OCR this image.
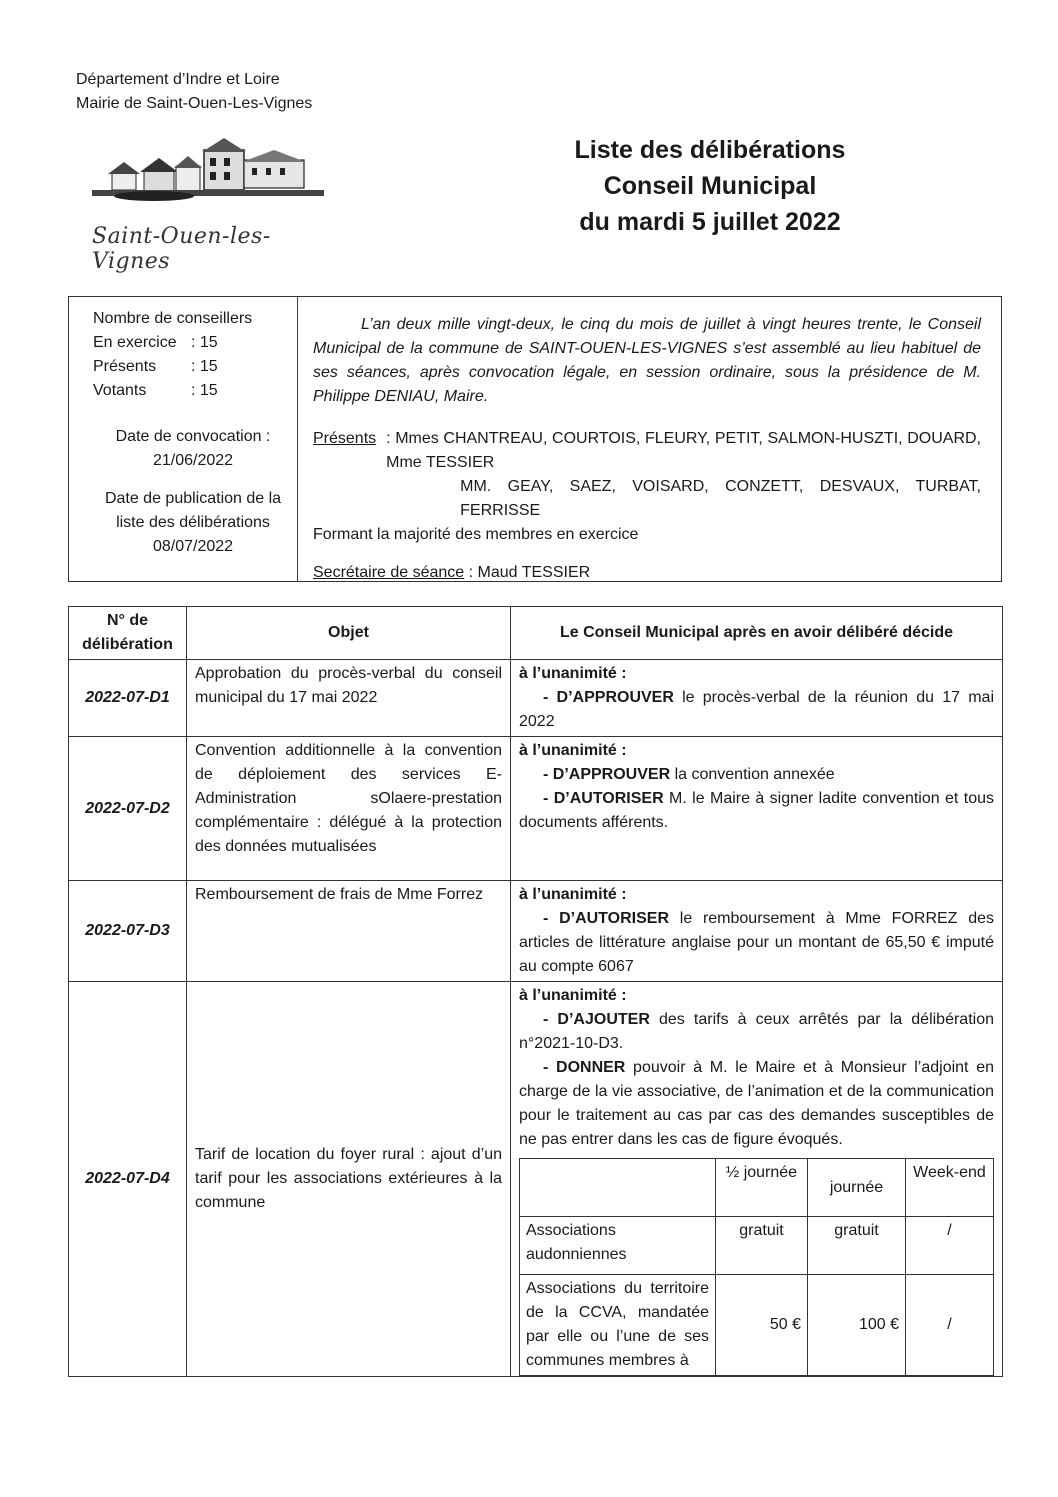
Département d’Indre et Loire
Mairie de Saint-Ouen-Les-Vignes
Saint-Ouen-les-Vignes
Liste des délibérations
Conseil Municipal
du mardi 5 juillet 2022
Nombre de conseillers
En exercice : 15
Présents	: 15
Votants	: 15
Date de convocation :
21/06/2022
Date de publication de la liste des délibérations
08/07/2022
L’an deux mille vingt-deux, le cinq du mois de juillet à vingt heures trente, le Conseil Municipal de la commune de SAINT-OUEN-LES-VIGNES s’est assemblé au lieu habituel de ses séances, après convocation légale, en session ordinaire, sous la présidence de M. Philippe DENIAU, Maire.
Présents : Mmes CHANTREAU, COURTOIS, FLEURY, PETIT, SALMON-HUSZTI, DOUARD, Mme TESSIER
MM. GEAY, SAEZ, VOISARD, CONZETT, DESVAUX, TURBAT, FERRISSE
Formant la majorité des membres en exercice
Secrétaire de séance : Maud TESSIER
N° de délibération	Objet	Le Conseil Municipal après en avoir délibéré décide
2022-07-D1	Approbation du procès-verbal du conseil municipal du 17 mai 2022	
à l’unanimité :
- D’APPROUVER le procès-verbal de la réunion du 17 mai 2022

2022-07-D2	Convention additionnelle à la convention de déploiement des services E-Administration sOlaere-prestation complémentaire : délégué à la protection des données mutualisées	
à l’unanimité :
- D’APPROUVER la convention annexée
- D’AUTORISER M. le Maire à signer ladite convention et tous documents afférents.

2022-07-D3	Remboursement de frais de Mme Forrez	à l’unanimité :
- D’AUTORISER le remboursement à Mme FORREZ des articles de littérature anglaise pour un montant de 65,50 € imputé au compte 6067

2022-07-D4	Tarif de location du foyer rural : ajout d’un tarif pour les associations extérieures à la commune	
à l’unanimité :
- D’AJOUTER des tarifs à ceux arrêtés par la délibération n°2021-10-D3.
- DONNER pouvoir à M. le Maire et à Monsieur l’adjoint en charge de la vie associative, de l’animation et de la communication pour le traitement au cas par cas des demandes susceptibles de ne pas entrer dans les cas de figure évoqués.
	½ journée	journée	Week-end
Associations audonniennes	gratuit	gratuit	/
Associations du territoire de la CCVA, mandatée par elle ou l’une de ses communes membres à	50 €	100 €	/
